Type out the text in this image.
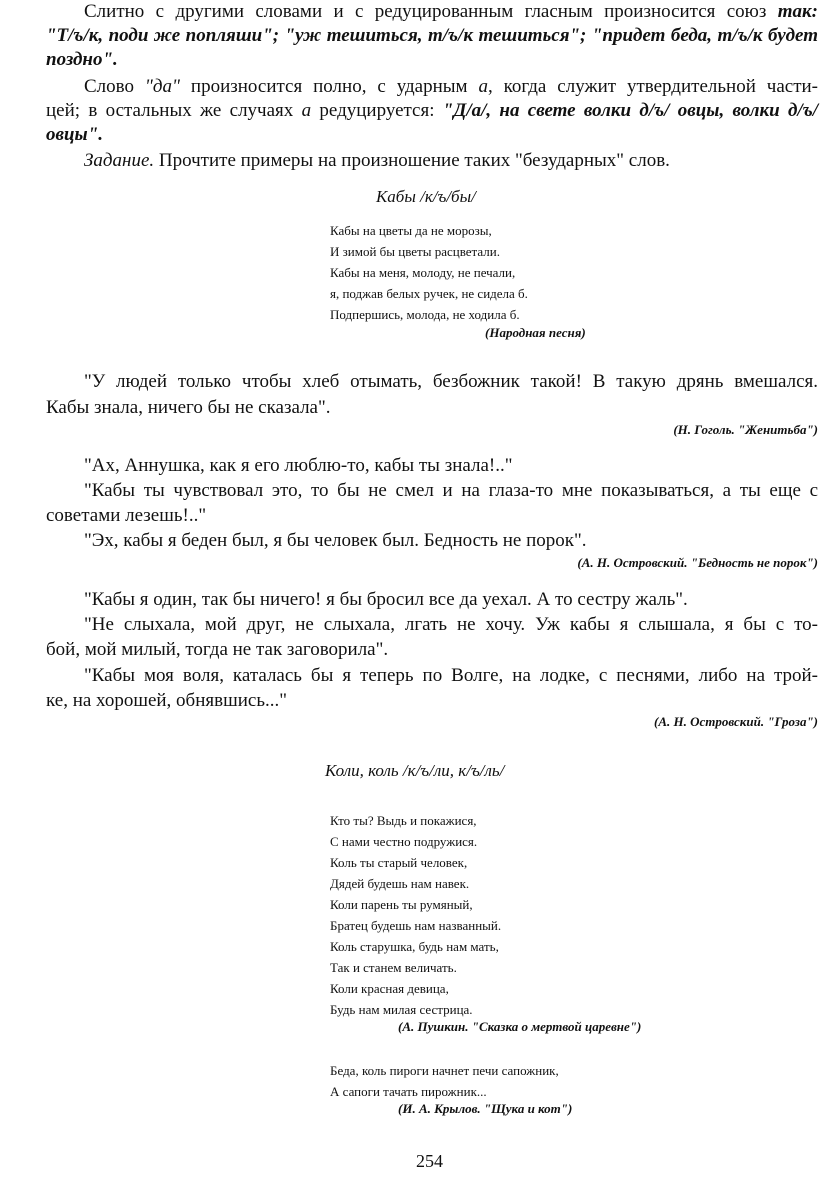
Слитно с другими словами и с редуцированным гласным произносится союз так:
"Т/ъ/к, поди же попляши"; "уж тешиться, т/ъ/к тешиться"; "придет беда, т/ъ/к будет
поздно".
Слово "да" произносится полно, с ударным а, когда служит утвердительной части-
цей; в остальных же случаях а редуцируется: "Д/а/, на свете волки д/ъ/ овцы, волки д/ъ/
овцы".
Задание. Прочтите примеры на произношение таких "безударных" слов.
Кабы /к/ъ/бы/
Кабы на цветы да не морозы,
И зимой бы цветы расцветали.
Кабы на меня, молоду, не печали,
я, поджав белых ручек, не сидела б.
Подпершись, молода, не ходила б.
(Народная песня)
"У людей только чтобы хлеб отымать, безбожник такой! В такую дрянь вмешался.
Кабы знала, ничего бы не сказала".
(Н. Гоголь. "Женитьба")
"Ах, Аннушка, как я его люблю-то, кабы ты знала!.."
"Кабы ты чувствовал это, то бы не смел и на глаза-то мне показываться, а ты еще с
советами лезешь!.."
"Эх, кабы я беден был, я бы человек был. Бедность не порок".
(А. Н. Островский. "Бедность не порок")
"Кабы я один, так бы ничего! я бы бросил все да уехал. А то сестру жаль".
"Не слыхала, мой друг, не слыхала, лгать не хочу. Уж кабы я слышала, я бы с то-
бой, мой милый, тогда не так заговорила".
"Кабы моя воля, каталась бы я теперь по Волге, на лодке, с песнями, либо на трой-
ке, на хорошей, обнявшись..."
(А. Н. Островский. "Гроза")
Коли, коль /к/ъ/ли, к/ъ/ль/
Кто ты? Выдь и покажися,
С нами честно подружися.
Коль ты старый человек,
Дядей будешь нам навек.
Коли парень ты румяный,
Братец будешь нам названный.
Коль старушка, будь нам мать,
Так и станем величать.
Коли красная девица,
Будь нам милая сестрица.
(А. Пушкин. "Сказка о мертвой царевне")
Беда, коль пироги начнет печи сапожник,
А сапоги тачать пирожник...
(И. А. Крылов. "Щука и кот")
254
